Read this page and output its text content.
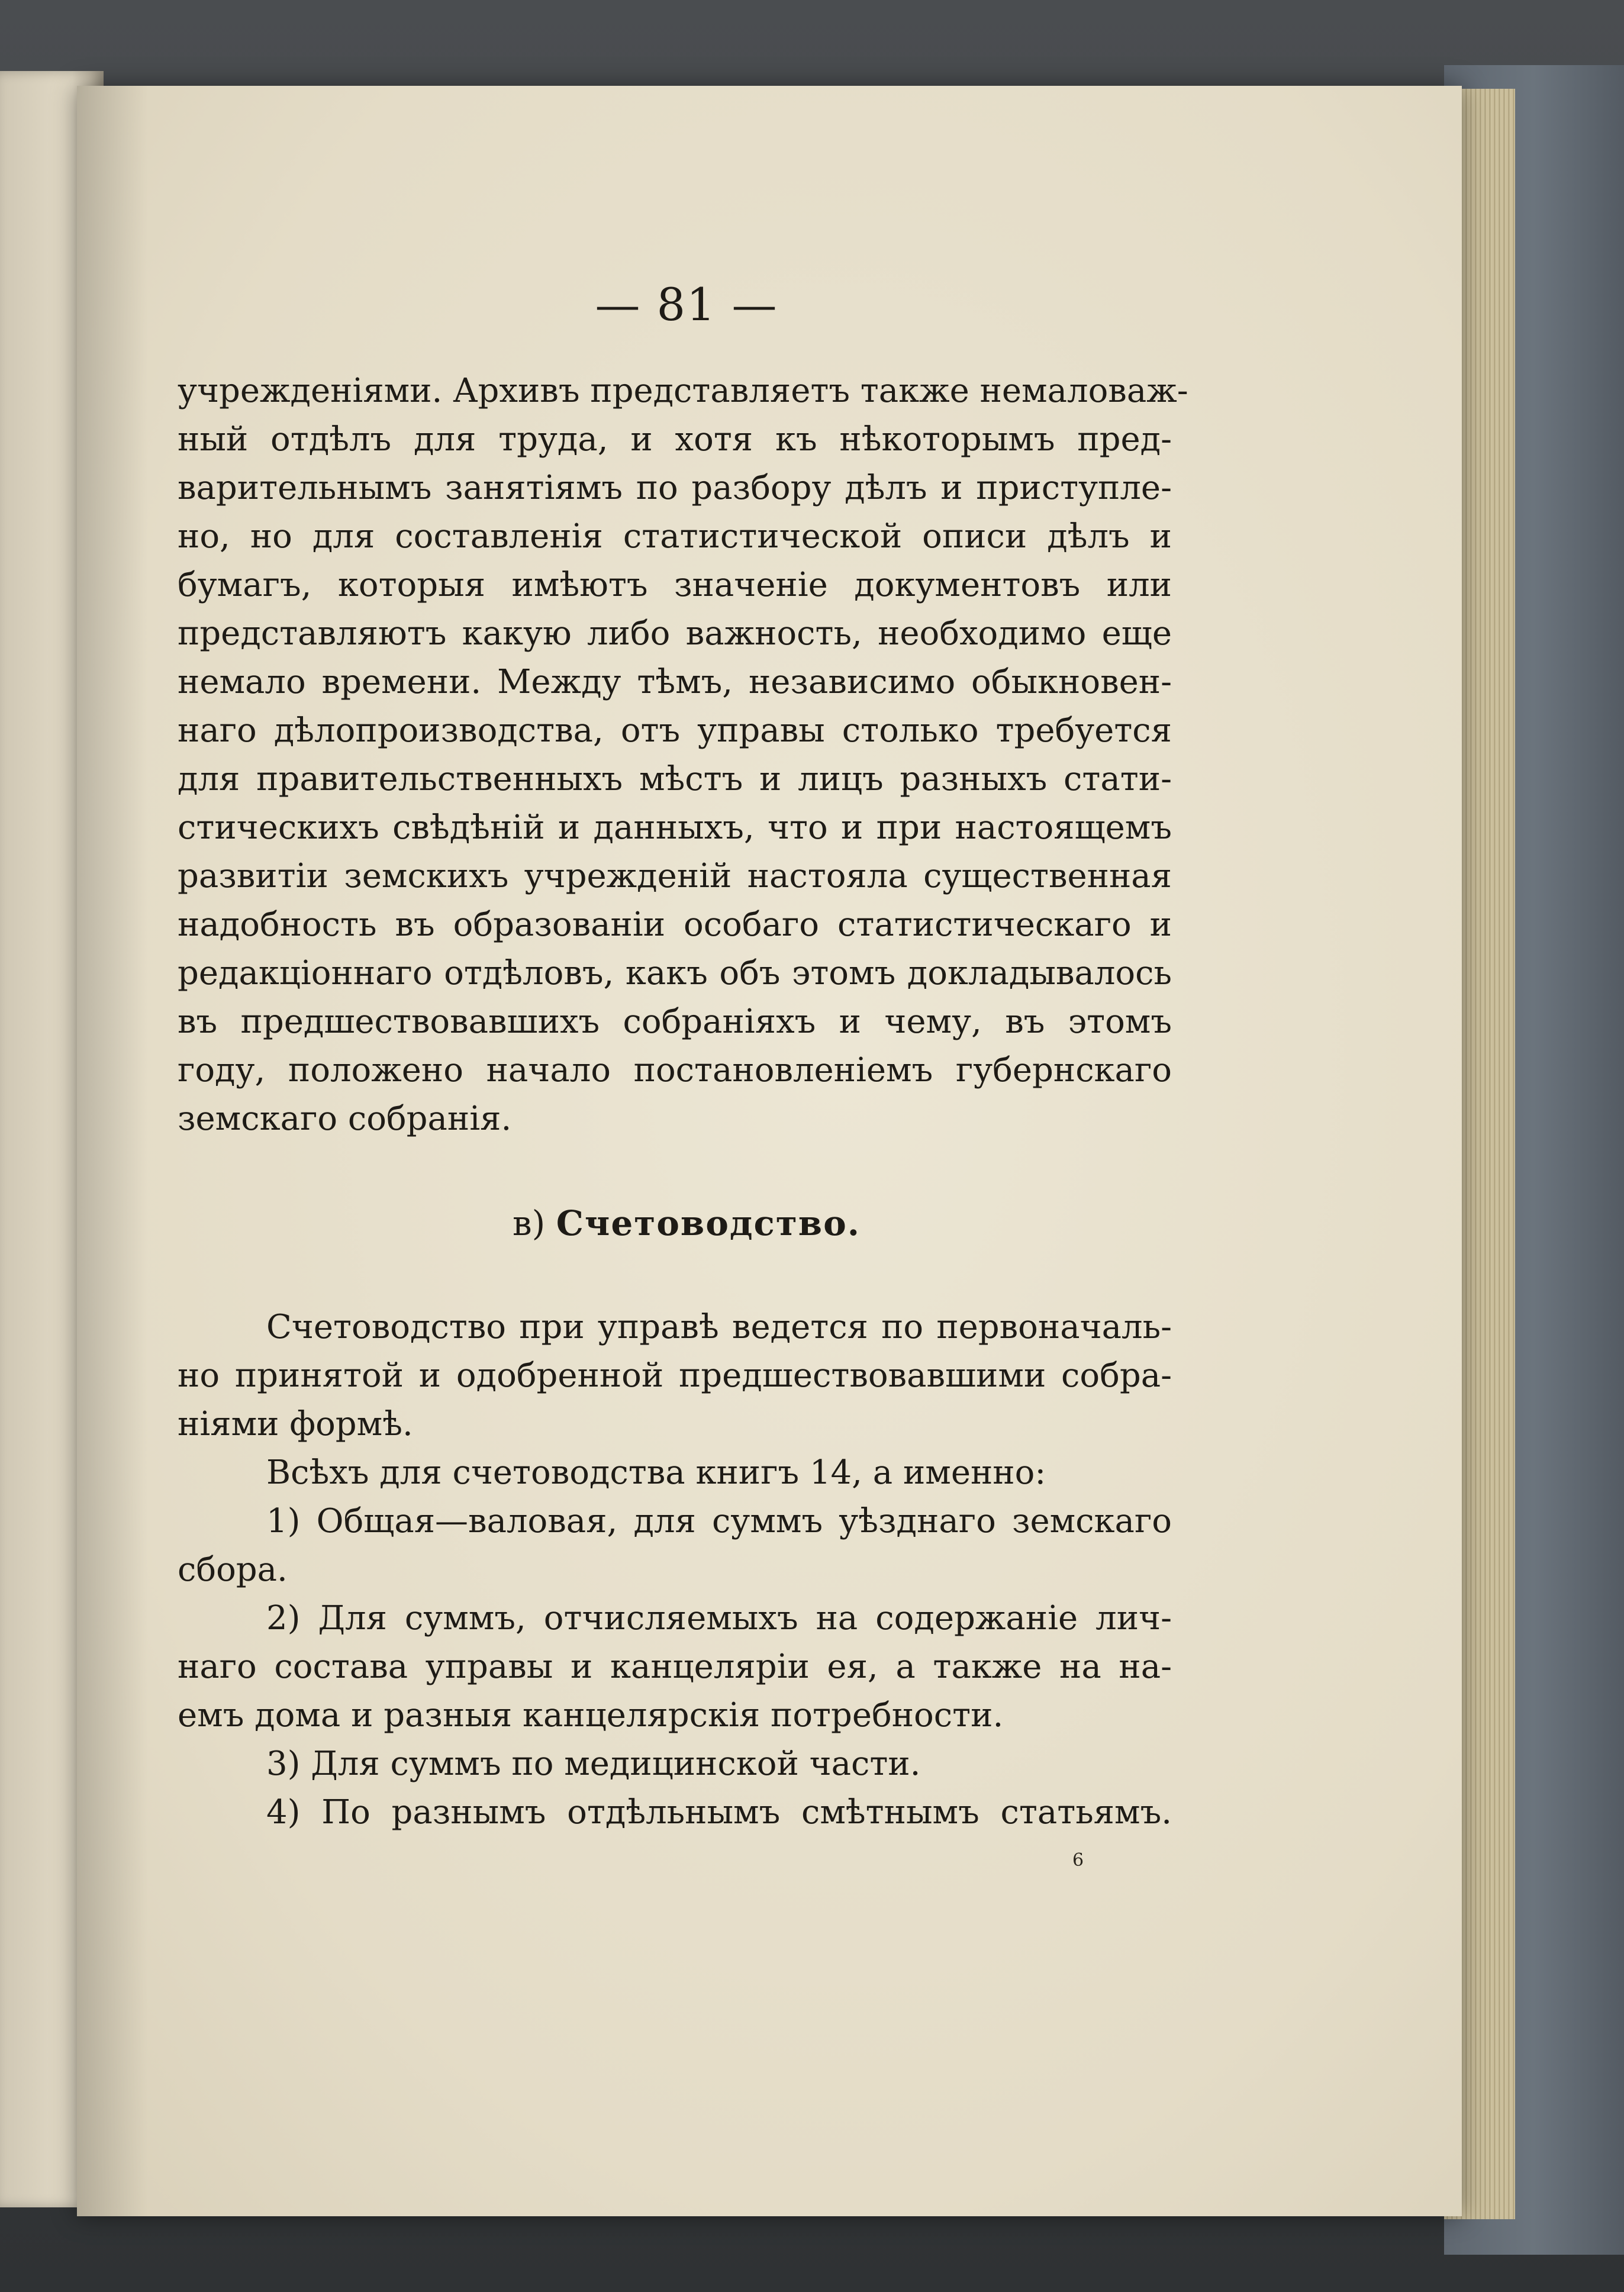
— 81 —
учрежденiями. Архивъ представляетъ также немаловаж-
ный отдѣлъ для труда, и хотя къ нѣкоторымъ пред-
варительнымъ занятiямъ по разбору дѣлъ и приступле-
но, но для составленiя статистической описи дѣлъ и
бумагъ, которыя имѣютъ значенiе документовъ или
представляютъ какую либо важность, необходимо еще
немало времени. Между тѣмъ, независимо обыкновен-
наго дѣлопроизводства, отъ управы столько требуется
для правительственныхъ мѣстъ и лицъ разныхъ стати-
стическихъ свѣдѣнiй и данныхъ, что и при настоящемъ
развитiи земскихъ учрежденiй настояла существенная
надобность въ образованiи особаго статистическаго и
редакцiоннаго отдѣловъ, какъ объ этомъ докладывалось
въ предшествовавшихъ собранiяхъ и чему, въ этомъ
году, положено начало постановленiемъ губернскаго
земскаго собранiя.
в) Счетоводство.
Счетоводство при управѣ ведется по первоначаль-
но принятой и одобренной предшествовавшими собра-
нiями формѣ.
Всѣхъ для счетоводства книгъ 14, а именно:
1) Общая—валовая, для суммъ уѣзднаго земскаго
сбора.
2) Для суммъ, отчисляемыхъ на содержанiе лич-
наго состава управы и канцелярiи ея, а также на на-
емъ дома и разныя канцелярскiя потребности.
3) Для суммъ по медицинской части.
4) По разнымъ отдѣльнымъ смѣтнымъ статьямъ.
6
